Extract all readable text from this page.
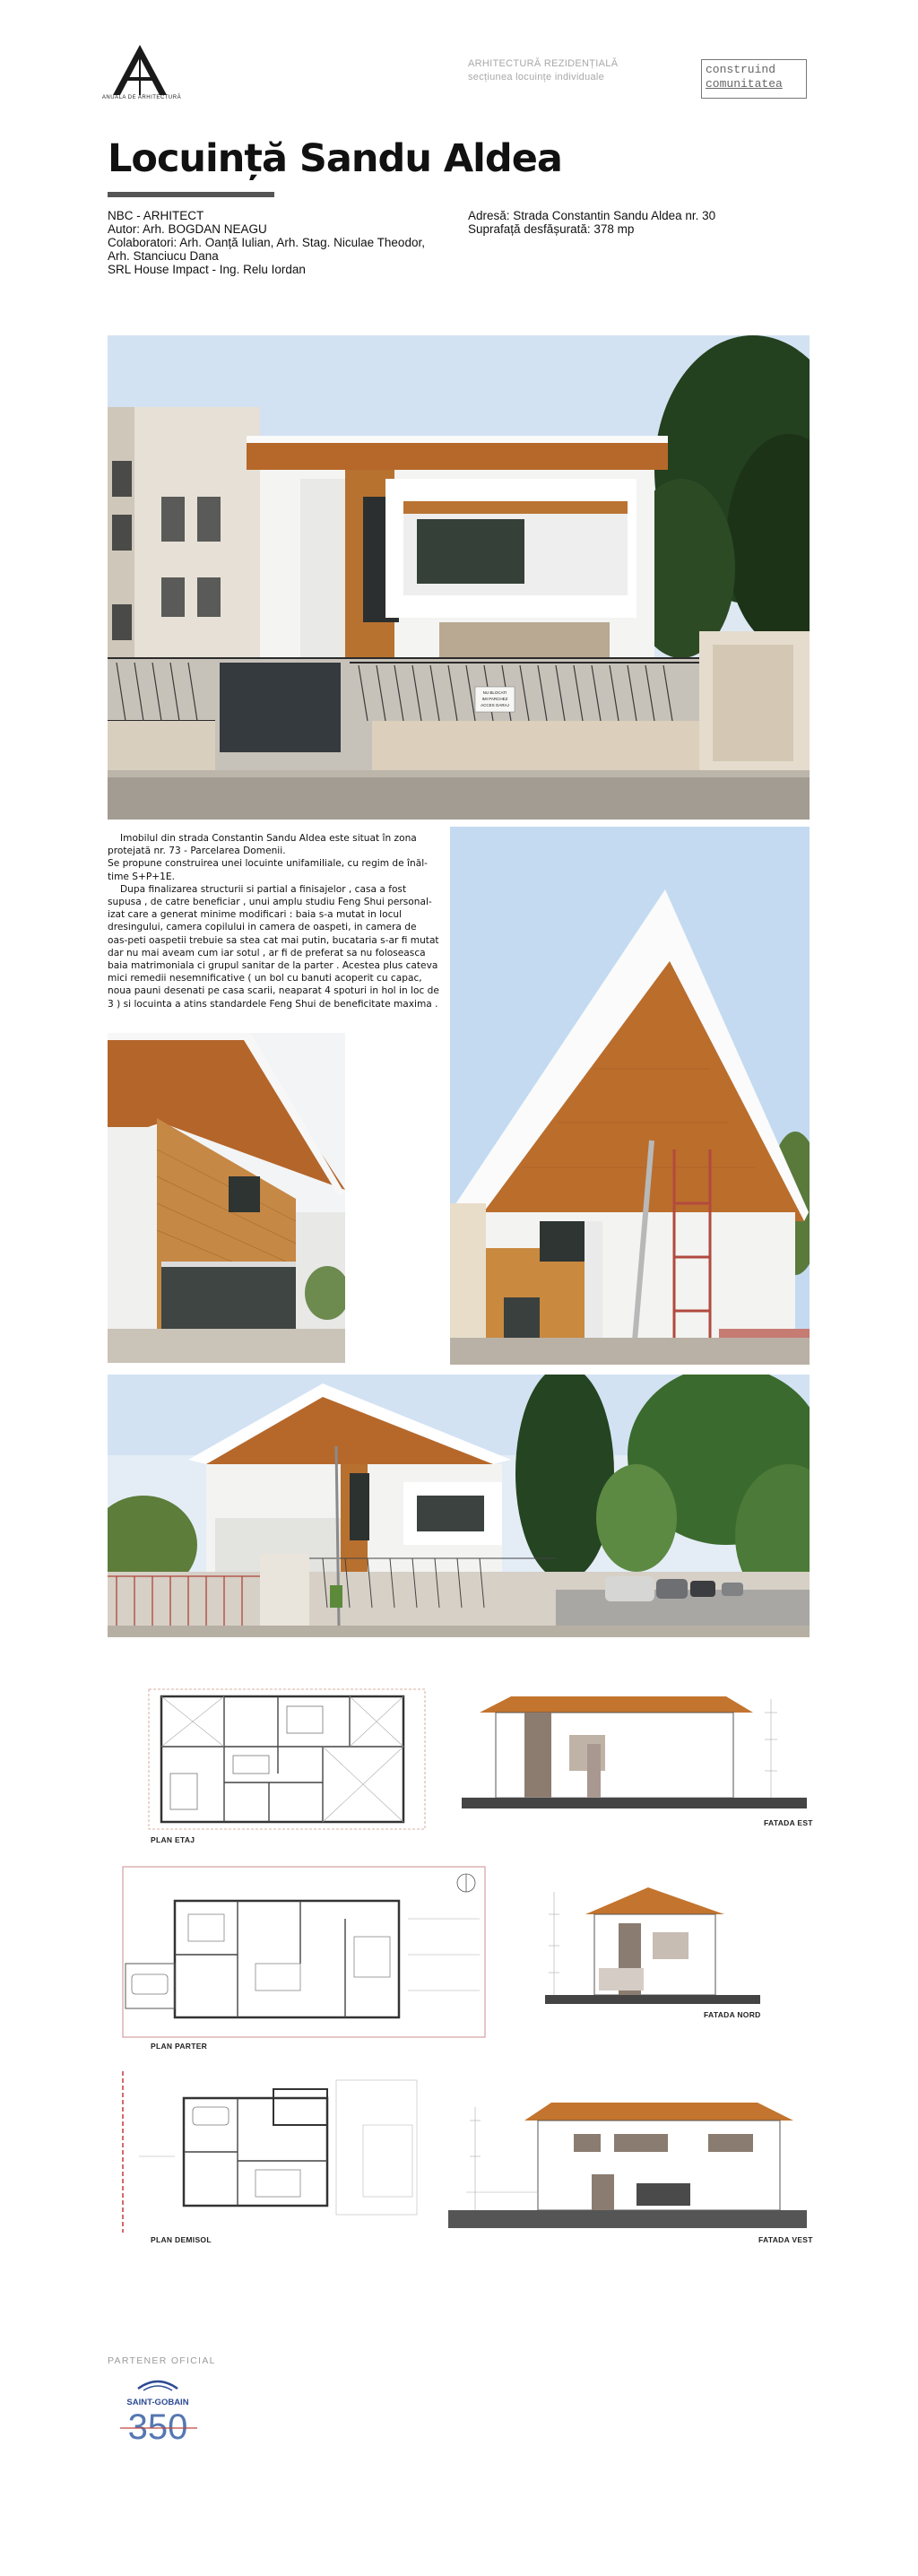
ANUALA DE ARHITECTURĂ
ARHITECTURĂ REZIDENȚIALĂ
secțiunea locuințe individuale
construind
comunitatea
Locuință Sandu Aldea
NBC - ARHITECT
Autor: Arh. BOGDAN NEAGU
Colaboratori: Arh. Oanță Iulian, Arh. Stag. Niculae Theodor,
Arh. Stanciucu Dana
SRL House Impact - Ing. Relu Iordan
Adresă: Strada Constantin Sandu Aldea nr. 30
Suprafață desfășurată: 378 mp
NU BLOCATI
IMI PARCHEZ
ACCES GARAJ

Imobilul din strada Constantin Sandu Aldea este situat în zona protejată nr. 73 - Parcelarea Domenii.

Se propune construirea unei locuinte unifamiliale, cu regim de înăl-time S+P+1E.

Dupa finalizarea structurii si partial a finisajelor , casa a fost supusa , de catre beneficiar , unui amplu studiu Feng Shui personal-izat care a generat minime modificari : baia s-a mutat in locul dresingului, camera copilului in camera de oaspeti, in camera de oas-peti oaspetii trebuie sa stea cat mai putin, bucataria s-ar fi mutat dar nu mai aveam cum iar sotul , ar fi de preferat sa nu foloseasca baia matrimoniala ci grupul sanitar de la parter . Acestea plus cateva mici remedii nesemnificative ( un bol cu banuti acoperit cu capac, noua pauni desenati pe casa scarii, neaparat 4 spoturi in hol in loc de 3 ) si locuinta a atins standardele Feng Shui de beneficitate maxima .

PLAN ETAJ
FATADA EST
PLAN PARTER
FATADA NORD
PLAN DEMISOL	FATADA VEST
PARTENER OFICIAL
SAINT-GOBAIN
350
